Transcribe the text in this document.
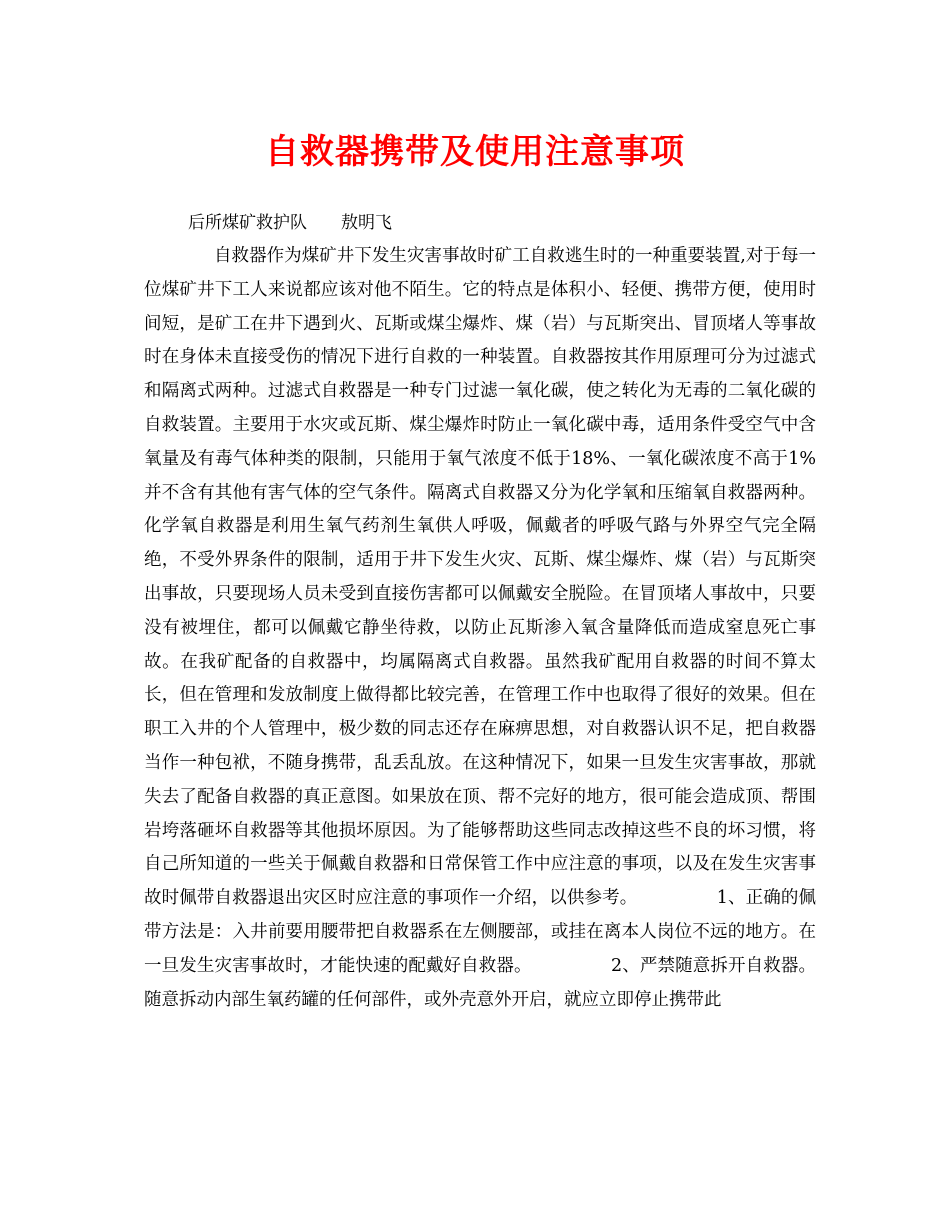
自救器携带及使用注意事项
后所煤矿救护队　　敖明飞

自救器作为煤矿井下发生灾害事故时矿工自救逃生时的一种重要装置,对于每一位煤矿井下工人来说都应该对他不陌生。它的特点是体积小、轻便、携带方便，使用时间短，是矿工在井下遇到火、瓦斯或煤尘爆炸、煤（岩）与瓦斯突出、冒顶堵人等事故时在身体未直接受伤的情况下进行自救的一种装置。自救器按其作用原理可分为过滤式和隔离式两种。过滤式自救器是一种专门过滤一氧化碳，使之转化为无毒的二氧化碳的自救装置。主要用于水灾或瓦斯、煤尘爆炸时防止一氧化碳中毒，适用条件受空气中含氧量及有毒气体种类的限制，只能用于氧气浓度不低于18%、一氧化碳浓度不高于1%并不含有其他有害气体的空气条件。隔离式自救器又分为化学氧和压缩氧自救器两种。化学氧自救器是利用生氧气药剂生氧供人呼吸，佩戴者的呼吸气路与外界空气完全隔绝，不受外界条件的限制，适用于井下发生火灾、瓦斯、煤尘爆炸、煤（岩）与瓦斯突出事故，只要现场人员未受到直接伤害都可以佩戴安全脱险。在冒顶堵人事故中，只要没有被埋住，都可以佩戴它静坐待救，以防止瓦斯渗入氧含量降低而造成窒息死亡事故。在我矿配备的自救器中，均属隔离式自救器。虽然我矿配用自救器的时间不算太长，但在管理和发放制度上做得都比较完善，在管理工作中也取得了很好的效果。但在职工入井的个人管理中，极少数的同志还存在麻痹思想，对自救器认识不足，把自救器当作一种包袱，不随身携带，乱丢乱放。在这种情况下，如果一旦发生灾害事故，那就失去了配备自救器的真正意图。如果放在顶、帮不完好的地方，很可能会造成顶、帮围岩垮落砸坏自救器等其他损坏原因。为了能够帮助这些同志改掉这些不良的坏习惯，将自己所知道的一些关于佩戴自救器和日常保管工作中应注意的事项，以及在发生灾害事故时佩带自救器退出灾区时应注意的事项作一介绍，以供参考。　　　　　1、正确的佩带方法是：入井前要用腰带把自救器系在左侧腰部，或挂在离本人岗位不远的地方。在一旦发生灾害事故时，才能快速的配戴好自救器。　　　　　2、严禁随意拆开自救器。随意拆动内部生氧药罐的任何部件，或外壳意外开启，就应立即停止携带此
